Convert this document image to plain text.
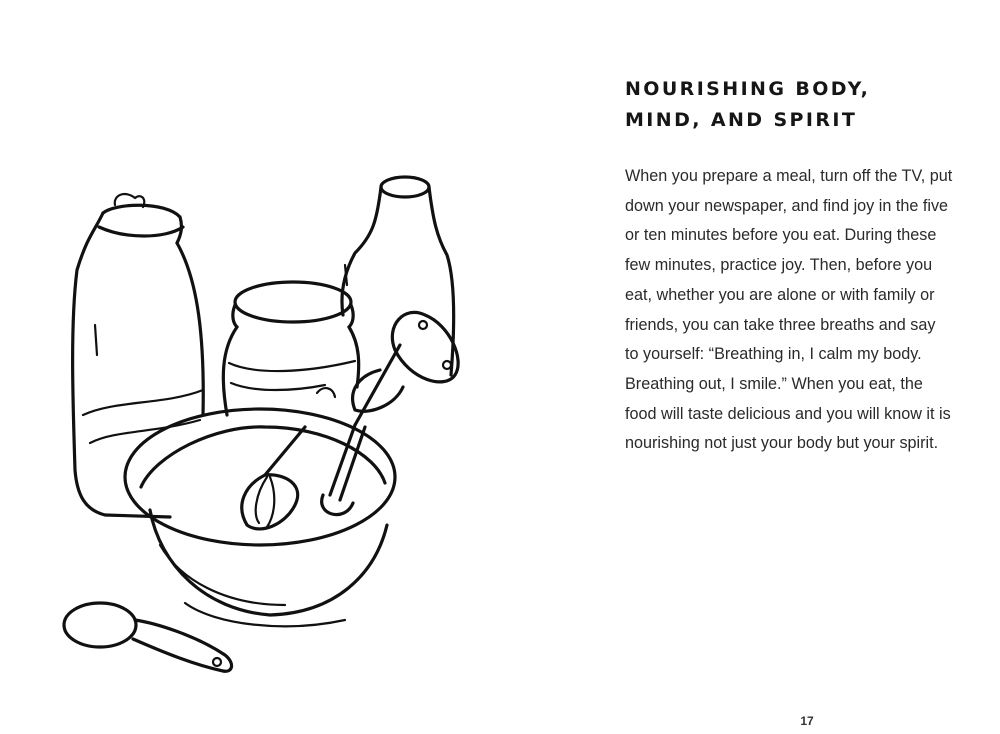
NOURISHING BODY,
MIND, AND SPIRIT
When you prepare a meal, turn off the TV, put
down your newspaper, and find joy in the five
or ten minutes before you eat. During these
few minutes, practice joy. Then, before you
eat, whether you are alone or with family or
friends, you can take three breaths and say
to yourself: “Breathing in, I calm my body.
Breathing out, I smile.” When you eat, the
food will taste delicious and you will know it is
nourishing not just your body but your spirit.
17
